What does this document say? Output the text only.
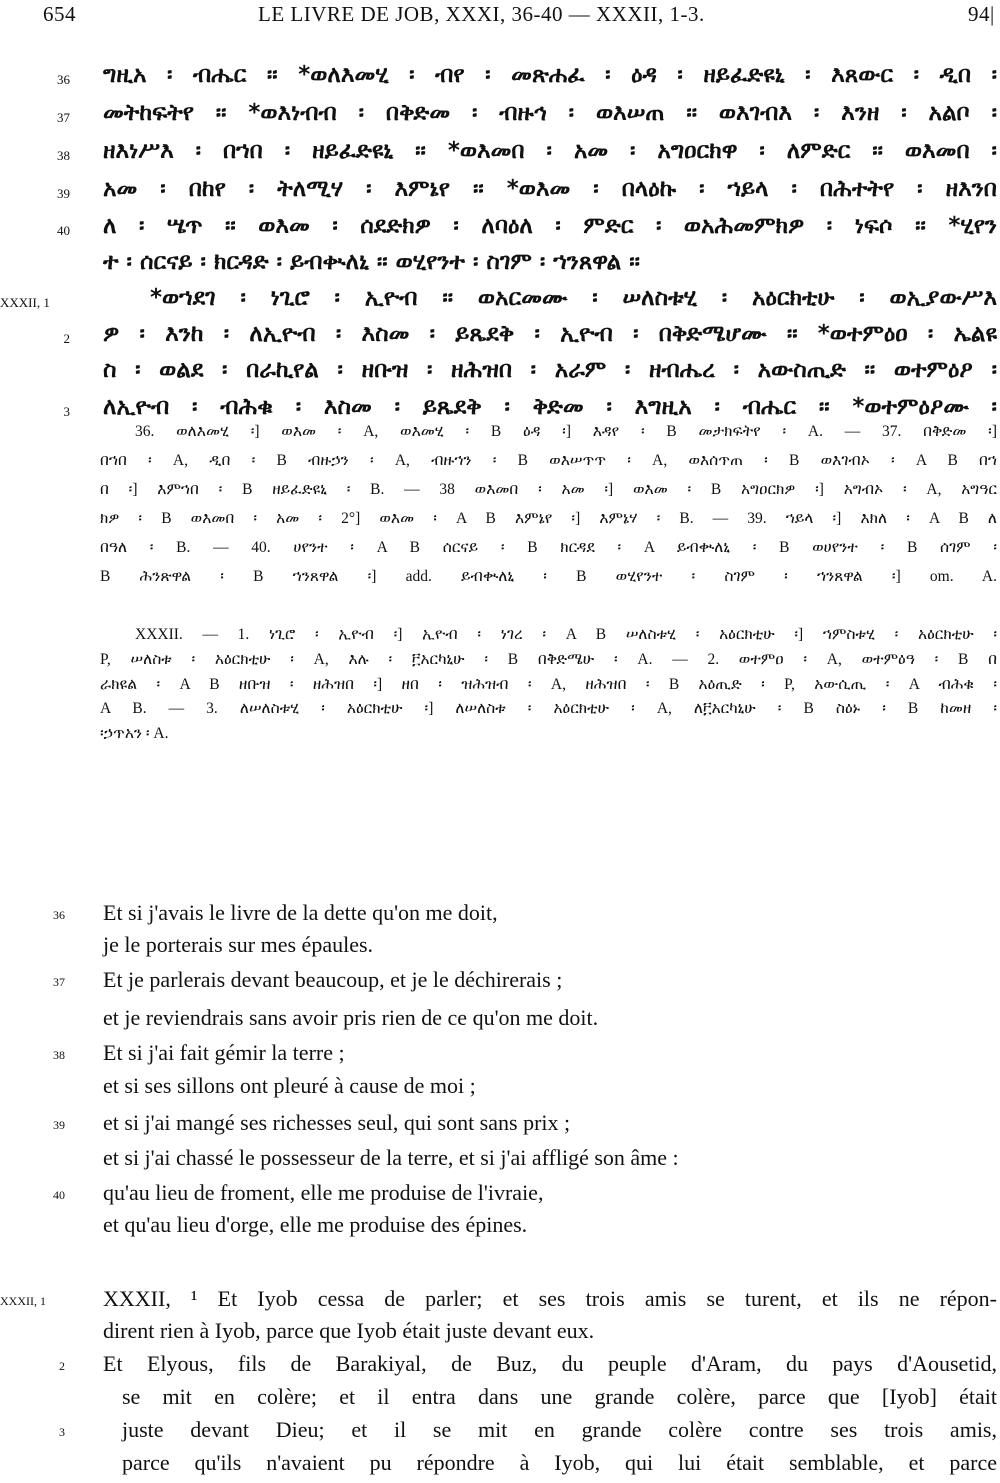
654	LE LIVRE DE JOB, XXXI, 36-40 — XXXII, 1-3.	94|
36 ግዚአ ፡ ብሔር ። *ወለእመሂ ፡ ብየ ፡ መጽሐፈ ፡ ዕዳ ፡ ዘይፈድዩኒ ፡ እጸውር ፡ ዲበ ፡
37 መትከፍትየ ። *ወእነብብ ፡ በቅድመ ፡ ብዙኅ ፡ ወእሠጠ ። ወእገብእ ፡ እንዘ ፡ አልቦ ፡
38 ዘእነሥእ ፡ በኀበ ፡ ዘይፈድዩኒ ። *ወእመበ ፡ አመ ፡ አግዐርክዋ ፡ ለምድር ። ወእመበ ፡
39 አመ ፡ በከየ ፡ ትለሚሃ ፡ እምኔየ ። *ወእመ ፡ በላዕኩ ፡ ኀይላ ፡ በሕተትየ ፡ ዘእንበ
40 ለ ፡ ሤጥ ። ወእመ ፡ ሰደድክዎ ፡ ለባዕለ ፡ ምድር ፡ ወአሕመምክዎ ፡ ነፍሶ ። *ሂየን
ተ ፡ ሰርናይ ፡ ክርዳድ ፡ ይብቊለኒ ። ወሂየንተ ፡ ስገም ፡ ኀንጸዋል ።
XXXII, 1	*ወኀደገ ፡ ነጊሮ ፡ ኢዮብ ። ወአርመሙ ፡ ሠለስቱሂ ፡ አዕርክቲሁ ፡ ወኢያውሥእ
2 ዎ ፡ እንከ ፡ ለኢዮብ ፡ እስመ ፡ ይጼደቅ ፡ ኢዮብ ፡ በቅድሜሆሙ ። *ወተምዕዐ ፡ ኤልዩ
ስ ፡ ወልደ ፡ በራኪየል ፡ ዘቡዝ ፡ ዘሕዝበ ፡ አራም ፡ ዘብሔረ ፡ አውስጢድ ። ወተምዕዖ ፡
3 ለኢዮብ ፡ ብሕቁ ፡ እስመ ፡ ይጼደቅ ፡ ቅድመ ፡ እግዚአ ፡ ብሔር ። *ወተምዕዖሙ ፡
36. ወለእመሂ ፡] ወእመ ፡ A, ወእመሂ ፡ B ዕዳ ፡] እዳየ ፡ B መታክፍትየ ፡ A. — 37. በቅድመ ፡]
በኀበ ፡ A, ዲበ ፡ B ብዙኃን ፡ A, ብዙኀን ፡ B ወእሠጥጥ ፡ A, ወእሰጥጠ ፡ B ወእገብኦ ፡ A B በኀ
በ ፡] እምኀበ ፡ B ዘይፈድዩኒ ፡ B. — 38 ወእመበ ፡ አመ ፡] ወእመ ፡ B አግዐርክዎ ፡] አግብኦ ፡ A, አግዓር
ክዎ ፡ B ወእመበ ፡ አመ ፡ 2°] ወእመ ፡ A B እምኔየ ፡] እምኔሃ ፡ B. — 39. ኀይላ ፡] እክለ ፡ A B ለ
በዓለ ፡ B. — 40. ሀየንተ ፡ A B ሰርናይ ፡ B ክርዳደ ፡ A ይብቊለኒ ፡ B ወሀየንተ ፡ B ሰገም ፡
B ሕንጽዋል ፡ B ኀንጸዋል ፡] add. ይብቊለኒ ፡ B ወሂየንተ ፡ ስገም ፡ ኀንጸዋል ፡] om. A.
XXXII. — 1. ነጊሮ ፡ ኢዮብ ፡] ኢዮብ ፡ ነገረ ፡ A B ሠለስቱሂ ፡ አዕርክቲሁ ፡] ኀምስቱሂ ፡ አዕርክቲሁ ፡
P, ሠለስቱ ፡ አዕርክቲሁ ፡ A, እሉ ፡ ፫አርካኒሁ ፡ B በቅድሜሁ ፡ A. — 2. ወተምዐ ፡ A, ወተምዕዓ ፡ B በ
ራክዩል ፡ A B ዘቡዝ ፡ ዘሕዝበ ፡] ዘበ ፡ ዝሕዝብ ፡ A, ዘሕዝበ ፡ B አዕጢድ ፡ P, አውሲጢ ፡ A ብሕቁ ፡
A B. — 3. ለሠለስቱሂ ፡ አዕርክቲሁ ፡] ለሠለስቱ ፡ አዕርክቲሁ ፡ A, ለ፫አርካኒሁ ፡ B ስዕኑ ፡ B ከመዘ ፡
፡ኃጥአን ፡ A.
36 Et si j'avais le livre de la dette qu'on me doit,
je le porterais sur mes épaules.
37 Et je parlerais devant beaucoup, et je le déchirerais ;
et je reviendrais sans avoir pris rien de ce qu'on me doit.
38 Et si j'ai fait gémir la terre ;
et si ses sillons ont pleuré à cause de moi ;
39 et si j'ai mangé ses richesses seul, qui sont sans prix ;
et si j'ai chassé le possesseur de la terre, et si j'ai affligé son âme :
40 qu'au lieu de froment, elle me produise de l'ivraie,
et qu'au lieu d'orge, elle me produise des épines.
XXXII, 1	XXXII, ¹ Et Iyob cessa de parler; et ses trois amis se turent, et ils ne répon-
dirent rien à Iyob, parce que Iyob était juste devant eux.
2 Et Elyous, fils de Barakiyal, de Buz, du peuple d'Aram, du pays d'Aousetid,
se mit en colère; et il entra dans une grande colère, parce que [Iyob] était
3	juste devant Dieu; et il se mit en grande colère contre ses trois amis,
parce qu'ils n'avaient pu répondre à Iyob, qui lui était semblable, et parce
